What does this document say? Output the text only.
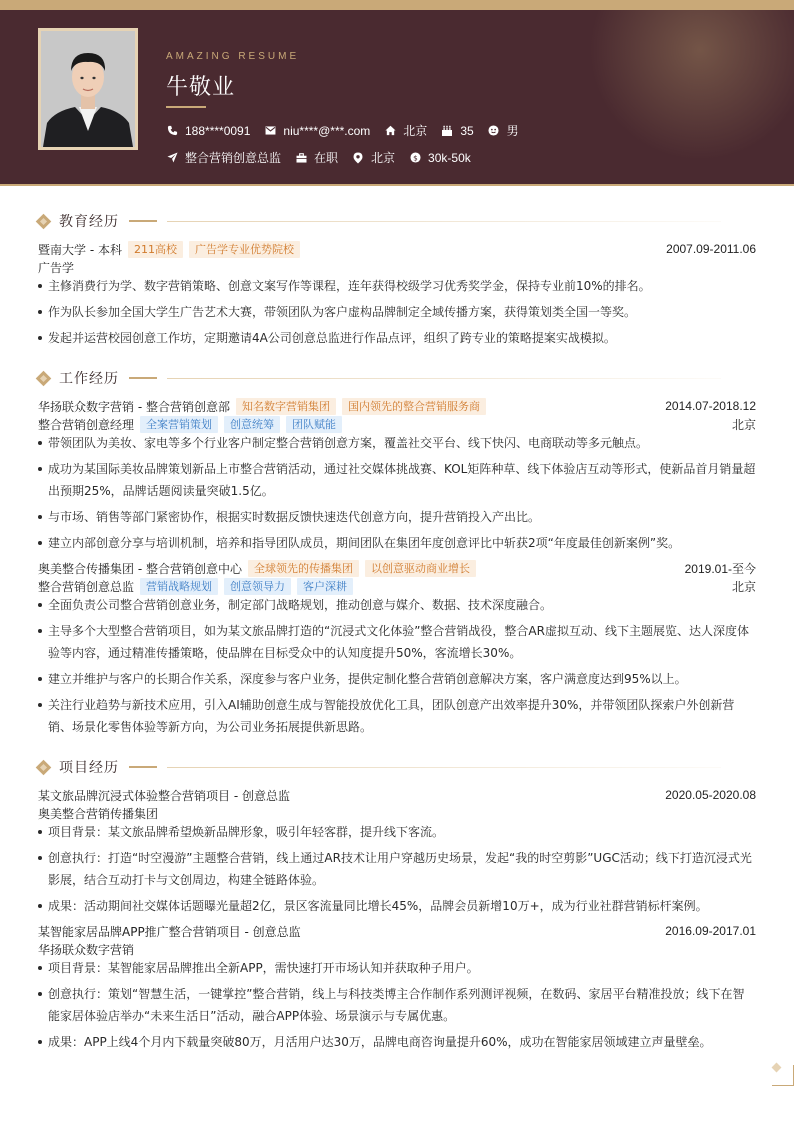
AMAZING RESUME
牛敬业
188****0091	niu****@***.com	北京	35	男
整合营销创意总监	在职	北京 $ 30k-50k
教育经历
暨南大学 - 本科	211高校	广告学专业优势院校	2007.09-2011.06
广告学
主修消费行为学、数字营销策略、创意文案写作等课程，连年获得校级学习优秀奖学金，保持专业前10%的排名。
作为队长参加全国大学生广告艺术大赛，带领团队为客户虚构品牌制定全域传播方案，获得策划类全国一等奖。
发起并运营校园创意工作坊，定期邀请4A公司创意总监进行作品点评，组织了跨专业的策略提案实战模拟。
工作经历
华扬联众数字营销 - 整合营销创意部	知名数字营销集团	国内领先的整合营销服务商	2014.07-2018.12
整合营销创意经理	全案营销策划	创意统筹	团队赋能	北京
带领团队为美妆、家电等多个行业客户制定整合营销创意方案，覆盖社交平台、线下快闪、电商联动等多元触点。
成功为某国际美妆品牌策划新品上市整合营销活动，通过社交媒体挑战赛、KOL矩阵种草、线下体验店互动等形式，使新品首月销量超出预期25%，品牌话题阅读量突破1.5亿。
与市场、销售等部门紧密协作，根据实时数据反馈快速迭代创意方向，提升营销投入产出比。
建立内部创意分享与培训机制，培养和指导团队成员，期间团队在集团年度创意评比中斩获2项“年度最佳创新案例”奖。
奥美整合传播集团 - 整合营销创意中心	全球领先的传播集团	以创意驱动商业增长	2019.01-至今
整合营销创意总监	营销战略规划	创意领导力	客户深耕	北京
全面负责公司整合营销创意业务，制定部门战略规划，推动创意与媒介、数据、技术深度融合。
主导多个大型整合营销项目，如为某文旅品牌打造的“沉浸式文化体验”整合营销战役，整合AR虚拟互动、线下主题展览、达人深度体验等内容，通过精准传播策略，使品牌在目标受众中的认知度提升50%，客流增长30%。
建立并维护与客户的长期合作关系，深度参与客户业务，提供定制化整合营销创意解决方案，客户满意度达到95%以上。
关注行业趋势与新技术应用，引入AI辅助创意生成与智能投放优化工具，团队创意产出效率提升30%，并带领团队探索户外创新营销、场景化零售体验等新方向，为公司业务拓展提供新思路。
项目经历
某文旅品牌沉浸式体验整合营销项目 - 创意总监	2020.05-2020.08
奥美整合营销传播集团
项目背景：某文旅品牌希望焕新品牌形象，吸引年轻客群，提升线下客流。
创意执行：打造“时空漫游”主题整合营销，线上通过AR技术让用户穿越历史场景，发起“我的时空剪影”UGC活动；线下打造沉浸式光影展，结合互动打卡与文创周边，构建全链路体验。
成果：活动期间社交媒体话题曝光量超2亿，景区客流量同比增长45%，品牌会员新增10万+，成为行业社群营销标杆案例。
某智能家居品牌APP推广整合营销项目 - 创意总监	2016.09-2017.01
华扬联众数字营销
项目背景：某智能家居品牌推出全新APP，需快速打开市场认知并获取种子用户。
创意执行：策划“智慧生活，一键掌控”整合营销，线上与科技类博主合作制作系列测评视频，在数码、家居平台精准投放；线下在智能家居体验店举办“未来生活日”活动，融合APP体验、场景演示与专属优惠。
成果：APP上线4个月内下载量突破80万，月活用户达30万，品牌电商咨询量提升60%，成功在智能家居领域建立声量壁垒。
